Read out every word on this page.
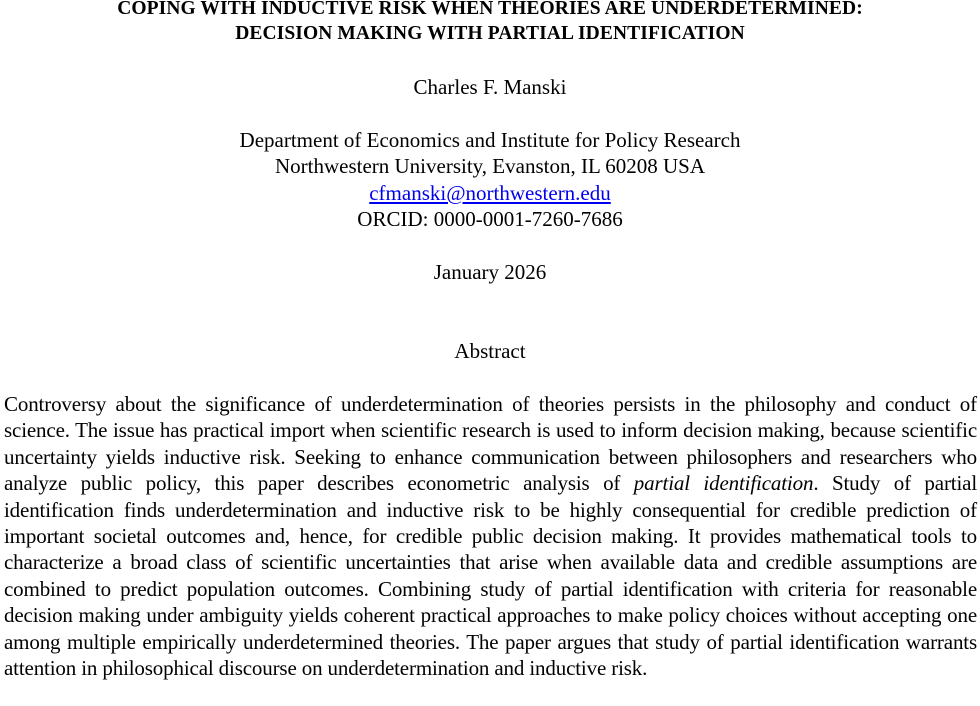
COPING WITH INDUCTIVE RISK WHEN THEORIES ARE UNDERDETERMINED:
DECISION MAKING WITH PARTIAL IDENTIFICATION
Charles F. Manski
Department of Economics and Institute for Policy Research
Northwestern University, Evanston, IL 60208 USA
cfmanski@northwestern.edu
ORCID: 0000-0001-7260-7686
January 2026
Abstract

Controversy about the significance of underdetermination of theories persists in the philosophy and conduct of science. The issue has practical import when scientific research is used to inform decision making, because scientific uncertainty yields inductive risk. Seeking to enhance communication between philosophers and researchers who analyze public policy, this paper describes econometric analysis of partial identification. Study of partial identification finds underdetermination and inductive risk to be highly consequential for credible prediction of important societal outcomes and, hence, for credible public decision making. It provides mathematical tools to characterize a broad class of scientific uncertainties that arise when available data and credible assumptions are combined to predict population outcomes. Combining study of partial identification with criteria for reasonable decision making under ambiguity yields coherent practical approaches to make policy choices without accepting one among multiple empirically underdetermined theories. The paper argues that study of partial identification warrants attention in philosophical discourse on underdetermination and inductive risk.
